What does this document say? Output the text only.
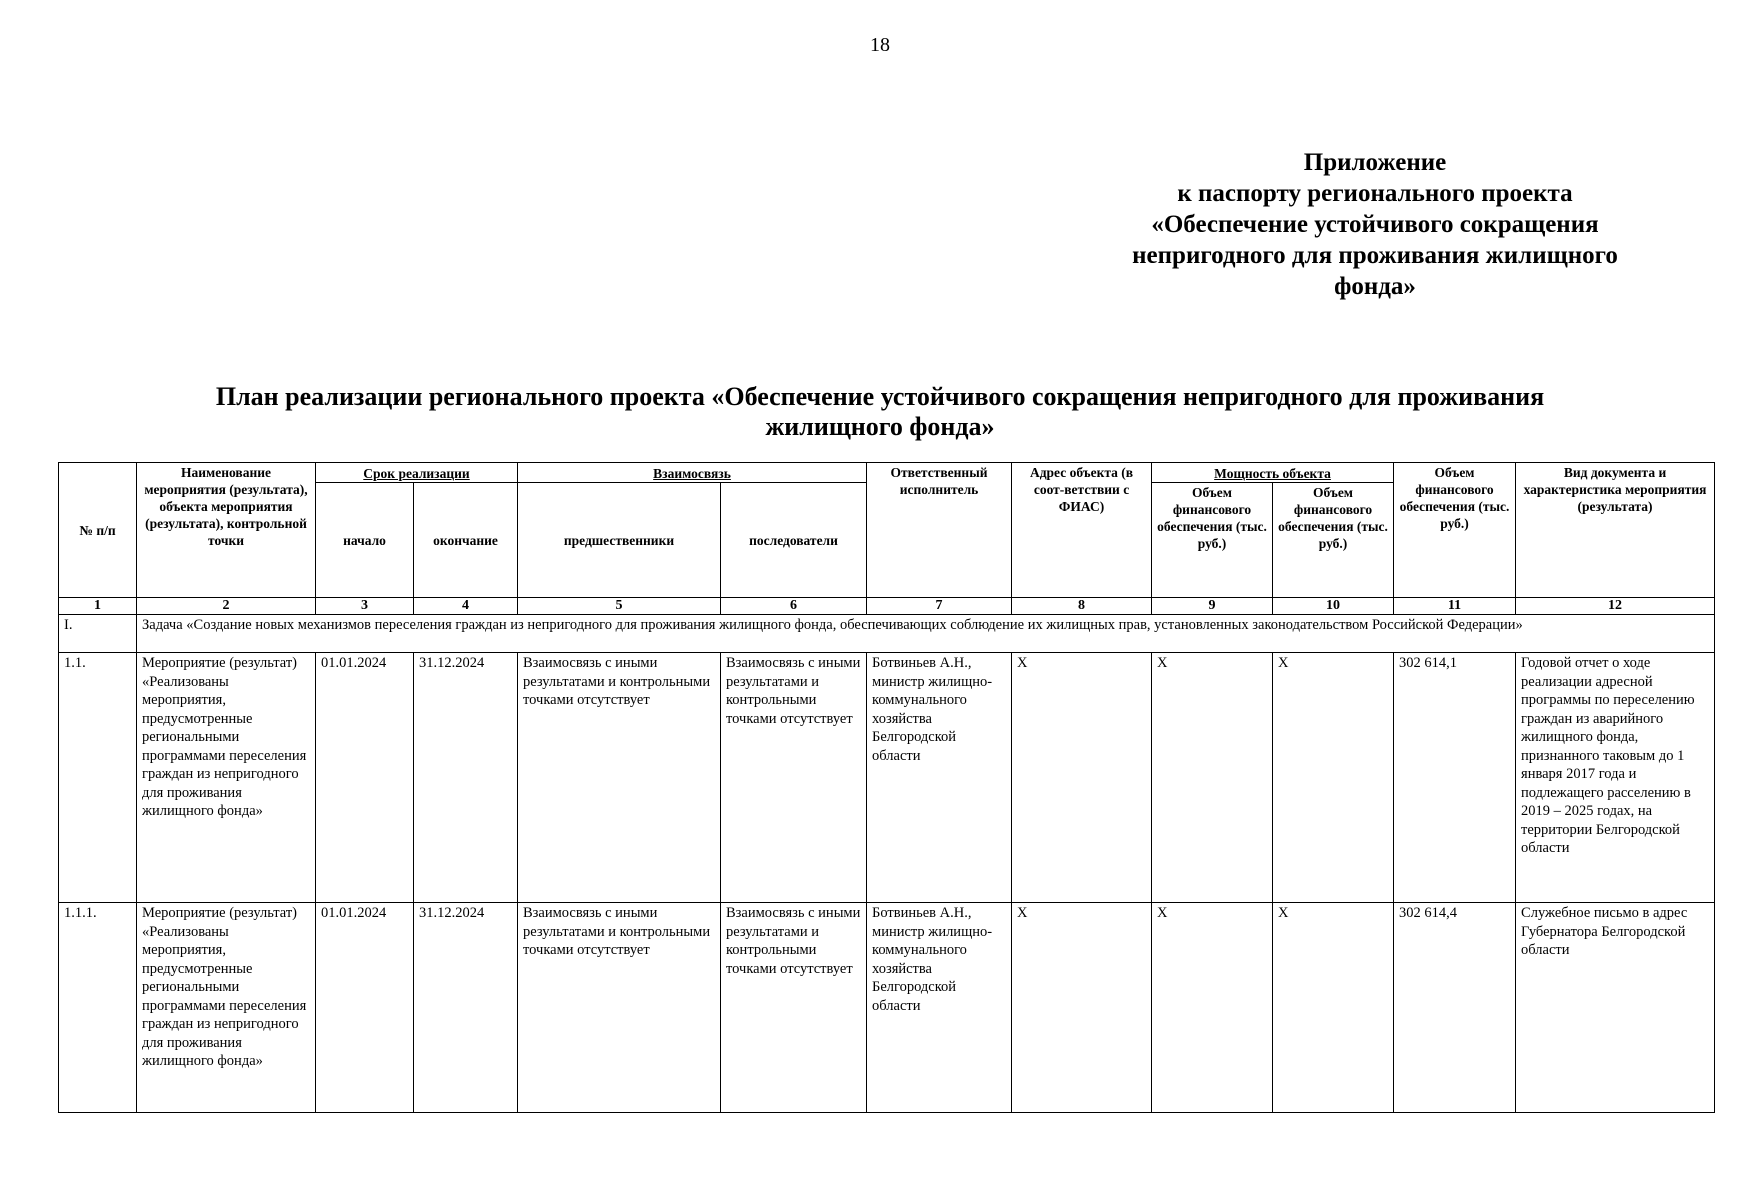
18
Приложение
к паспорту регионального проекта
«Обеспечение устойчивого сокращения
непригодного для проживания жилищного
фонда»
План реализации регионального проекта «Обеспечение устойчивого сокращения непригодного для проживания
жилищного фонда»
№ п/п	Наименование мероприятия (результата), объекта мероприятия (результата), контрольной точки	Срок реализации		Взаимосвязь		Ответственный исполнитель	Адрес объекта (в соот-ветствии с ФИАС)	Мощность объекта		Объем финансового обеспечения (тыс. руб.)	Вид документа и характеристика мероприятия (результата)
		начало	окончание	предшественники	последователи			Объем финансового обеспечения (тыс. руб.)	Объем финансового обеспечения (тыс. руб.)		
1	2	3	4	5	6	7	8	9	10	11	12
I.	Задача «Создание новых механизмов переселения граждан из непригодного для проживания жилищного фонда, обеспечивающих соблюдение их жилищных прав, установленных законодательством Российской Федерации»										
1.1.	Мероприятие (результат) «Реализованы мероприятия, предусмотренные региональными программами переселения граждан из непригодного для проживания жилищного фонда»	01.01.2024	31.12.2024	Взаимосвязь с иными результатами и контрольными точками отсутствует	Взаимосвязь с иными результатами и контрольными точками отсутствует	Ботвиньев А.Н., министр жилищно-коммунального хозяйства Белгородской области	X	X	X	302 614,1	Годовой отчет о ходе реализации адресной программы по переселению граждан из аварийного жилищного фонда, признанного таковым до 1 января 2017 года и подлежащего расселению в 2019 – 2025 годах, на территории Белгородской области
1.1.1.	Мероприятие (результат) «Реализованы мероприятия, предусмотренные региональными программами переселения граждан из непригодного для проживания жилищного фонда»	01.01.2024	31.12.2024	Взаимосвязь с иными результатами и контрольными точками отсутствует	Взаимосвязь с иными результатами и контрольными точками отсутствует	Ботвиньев А.Н., министр жилищно-коммунального хозяйства Белгородской области	X	X	X	302 614,4	Служебное письмо в адрес Губернатора Белгородской области
